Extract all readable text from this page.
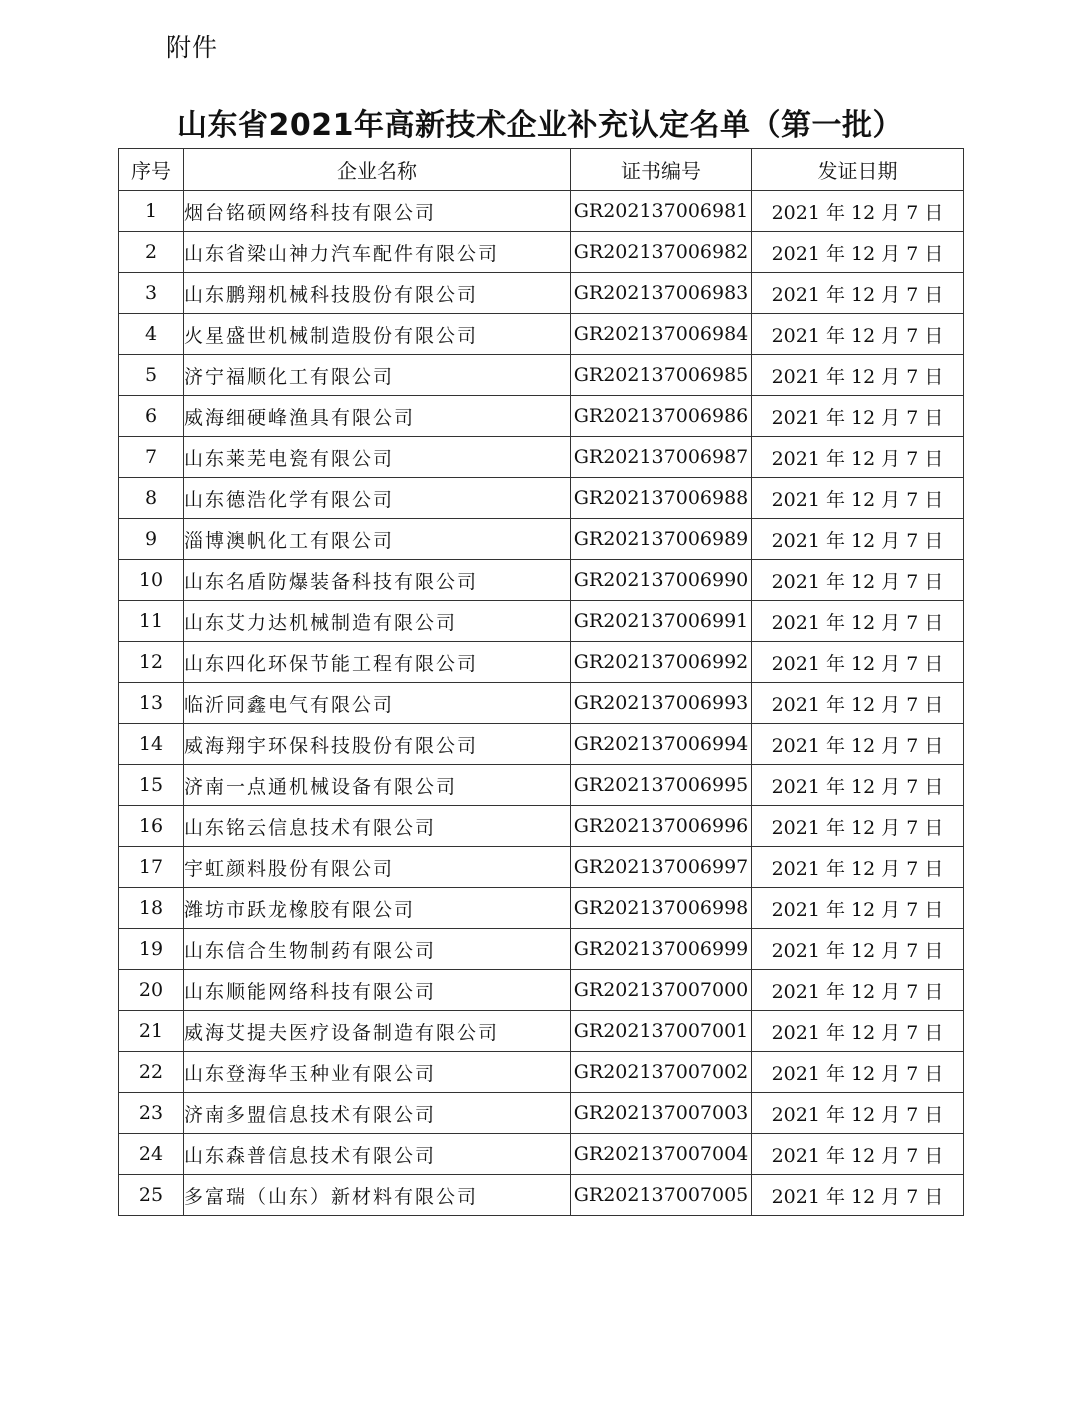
附件
山东省2021年高新技术企业补充认定名单（第一批）
序号	企业名称	证书编号	发证日期
1	烟台铭硕网络科技有限公司	GR202137006981	2021 年 12 月 7 日
2	山东省梁山神力汽车配件有限公司	GR202137006982	2021 年 12 月 7 日
3	山东鹏翔机械科技股份有限公司	GR202137006983	2021 年 12 月 7 日
4	火星盛世机械制造股份有限公司	GR202137006984	2021 年 12 月 7 日
5	济宁福顺化工有限公司	GR202137006985	2021 年 12 月 7 日
6	威海细硬峰渔具有限公司	GR202137006986	2021 年 12 月 7 日
7	山东莱芜电瓷有限公司	GR202137006987	2021 年 12 月 7 日
8	山东德浩化学有限公司	GR202137006988	2021 年 12 月 7 日
9	淄博澳帆化工有限公司	GR202137006989	2021 年 12 月 7 日
10	山东名盾防爆装备科技有限公司	GR202137006990	2021 年 12 月 7 日
11	山东艾力达机械制造有限公司	GR202137006991	2021 年 12 月 7 日
12	山东四化环保节能工程有限公司	GR202137006992	2021 年 12 月 7 日
13	临沂同鑫电气有限公司	GR202137006993	2021 年 12 月 7 日
14	威海翔宇环保科技股份有限公司	GR202137006994	2021 年 12 月 7 日
15	济南一点通机械设备有限公司	GR202137006995	2021 年 12 月 7 日
16	山东铭云信息技术有限公司	GR202137006996	2021 年 12 月 7 日
17	宇虹颜料股份有限公司	GR202137006997	2021 年 12 月 7 日
18	潍坊市跃龙橡胶有限公司	GR202137006998	2021 年 12 月 7 日
19	山东信合生物制药有限公司	GR202137006999	2021 年 12 月 7 日
20	山东顺能网络科技有限公司	GR202137007000	2021 年 12 月 7 日
21	威海艾提夫医疗设备制造有限公司	GR202137007001	2021 年 12 月 7 日
22	山东登海华玉种业有限公司	GR202137007002	2021 年 12 月 7 日
23	济南多盟信息技术有限公司	GR202137007003	2021 年 12 月 7 日
24	山东森普信息技术有限公司	GR202137007004	2021 年 12 月 7 日
25	多富瑞（山东）新材料有限公司	GR202137007005	2021 年 12 月 7 日
